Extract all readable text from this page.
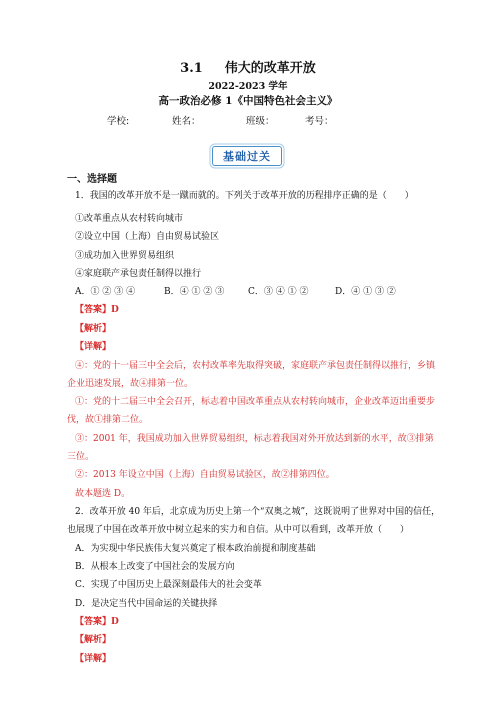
3.1 伟大的改革开放
2022-2023 学年
高一政治必修 1《中国特色社会主义》
学校:	姓名：	班级：	考号：
基础过关
一、选择题
1．我国的改革开放不是一蹴而就的。下列关于改革开放的历程排序正确的是（　　）
①改革重点从农村转向城市
②设立中国（上海）自由贸易试验区
③成功加入世界贸易组织
④家庭联产承包责任制得以推行
A．① ② ③ ④	B．④ ① ② ③	C．③ ④ ① ②	D．④ ① ③ ②
【答案】D
【解析】
【详解】
④：党的十一届三中全会后，农村改革率先取得突破，家庭联产承包责任制得以推行，乡镇
企业迅速发展，故④排第一位。
①：党的十二届三中全会召开，标志着中国改革重点从农村转向城市，企业改革迈出重要步
伐，故①排第二位。
③：2001 年，我国成功加入世界贸易组织，标志着我国对外开放达到新的水平，故③排第
三位。
②：2013 年设立中国（上海）自由贸易试验区，故②排第四位。
故本题选 D。
2．改革开放 40 年后，北京成为历史上第一个“双奥之城”，这既说明了世界对中国的信任，
也展现了中国在改革开放中树立起来的实力和自信。从中可以看到，改革开放（　　）
A．为实现中华民族伟大复兴奠定了根本政治前提和制度基础
B．从根本上改变了中国社会的发展方向
C．实现了中国历史上最深刻最伟大的社会变革
D．是决定当代中国命运的关键抉择
【答案】D
【解析】
【详解】
